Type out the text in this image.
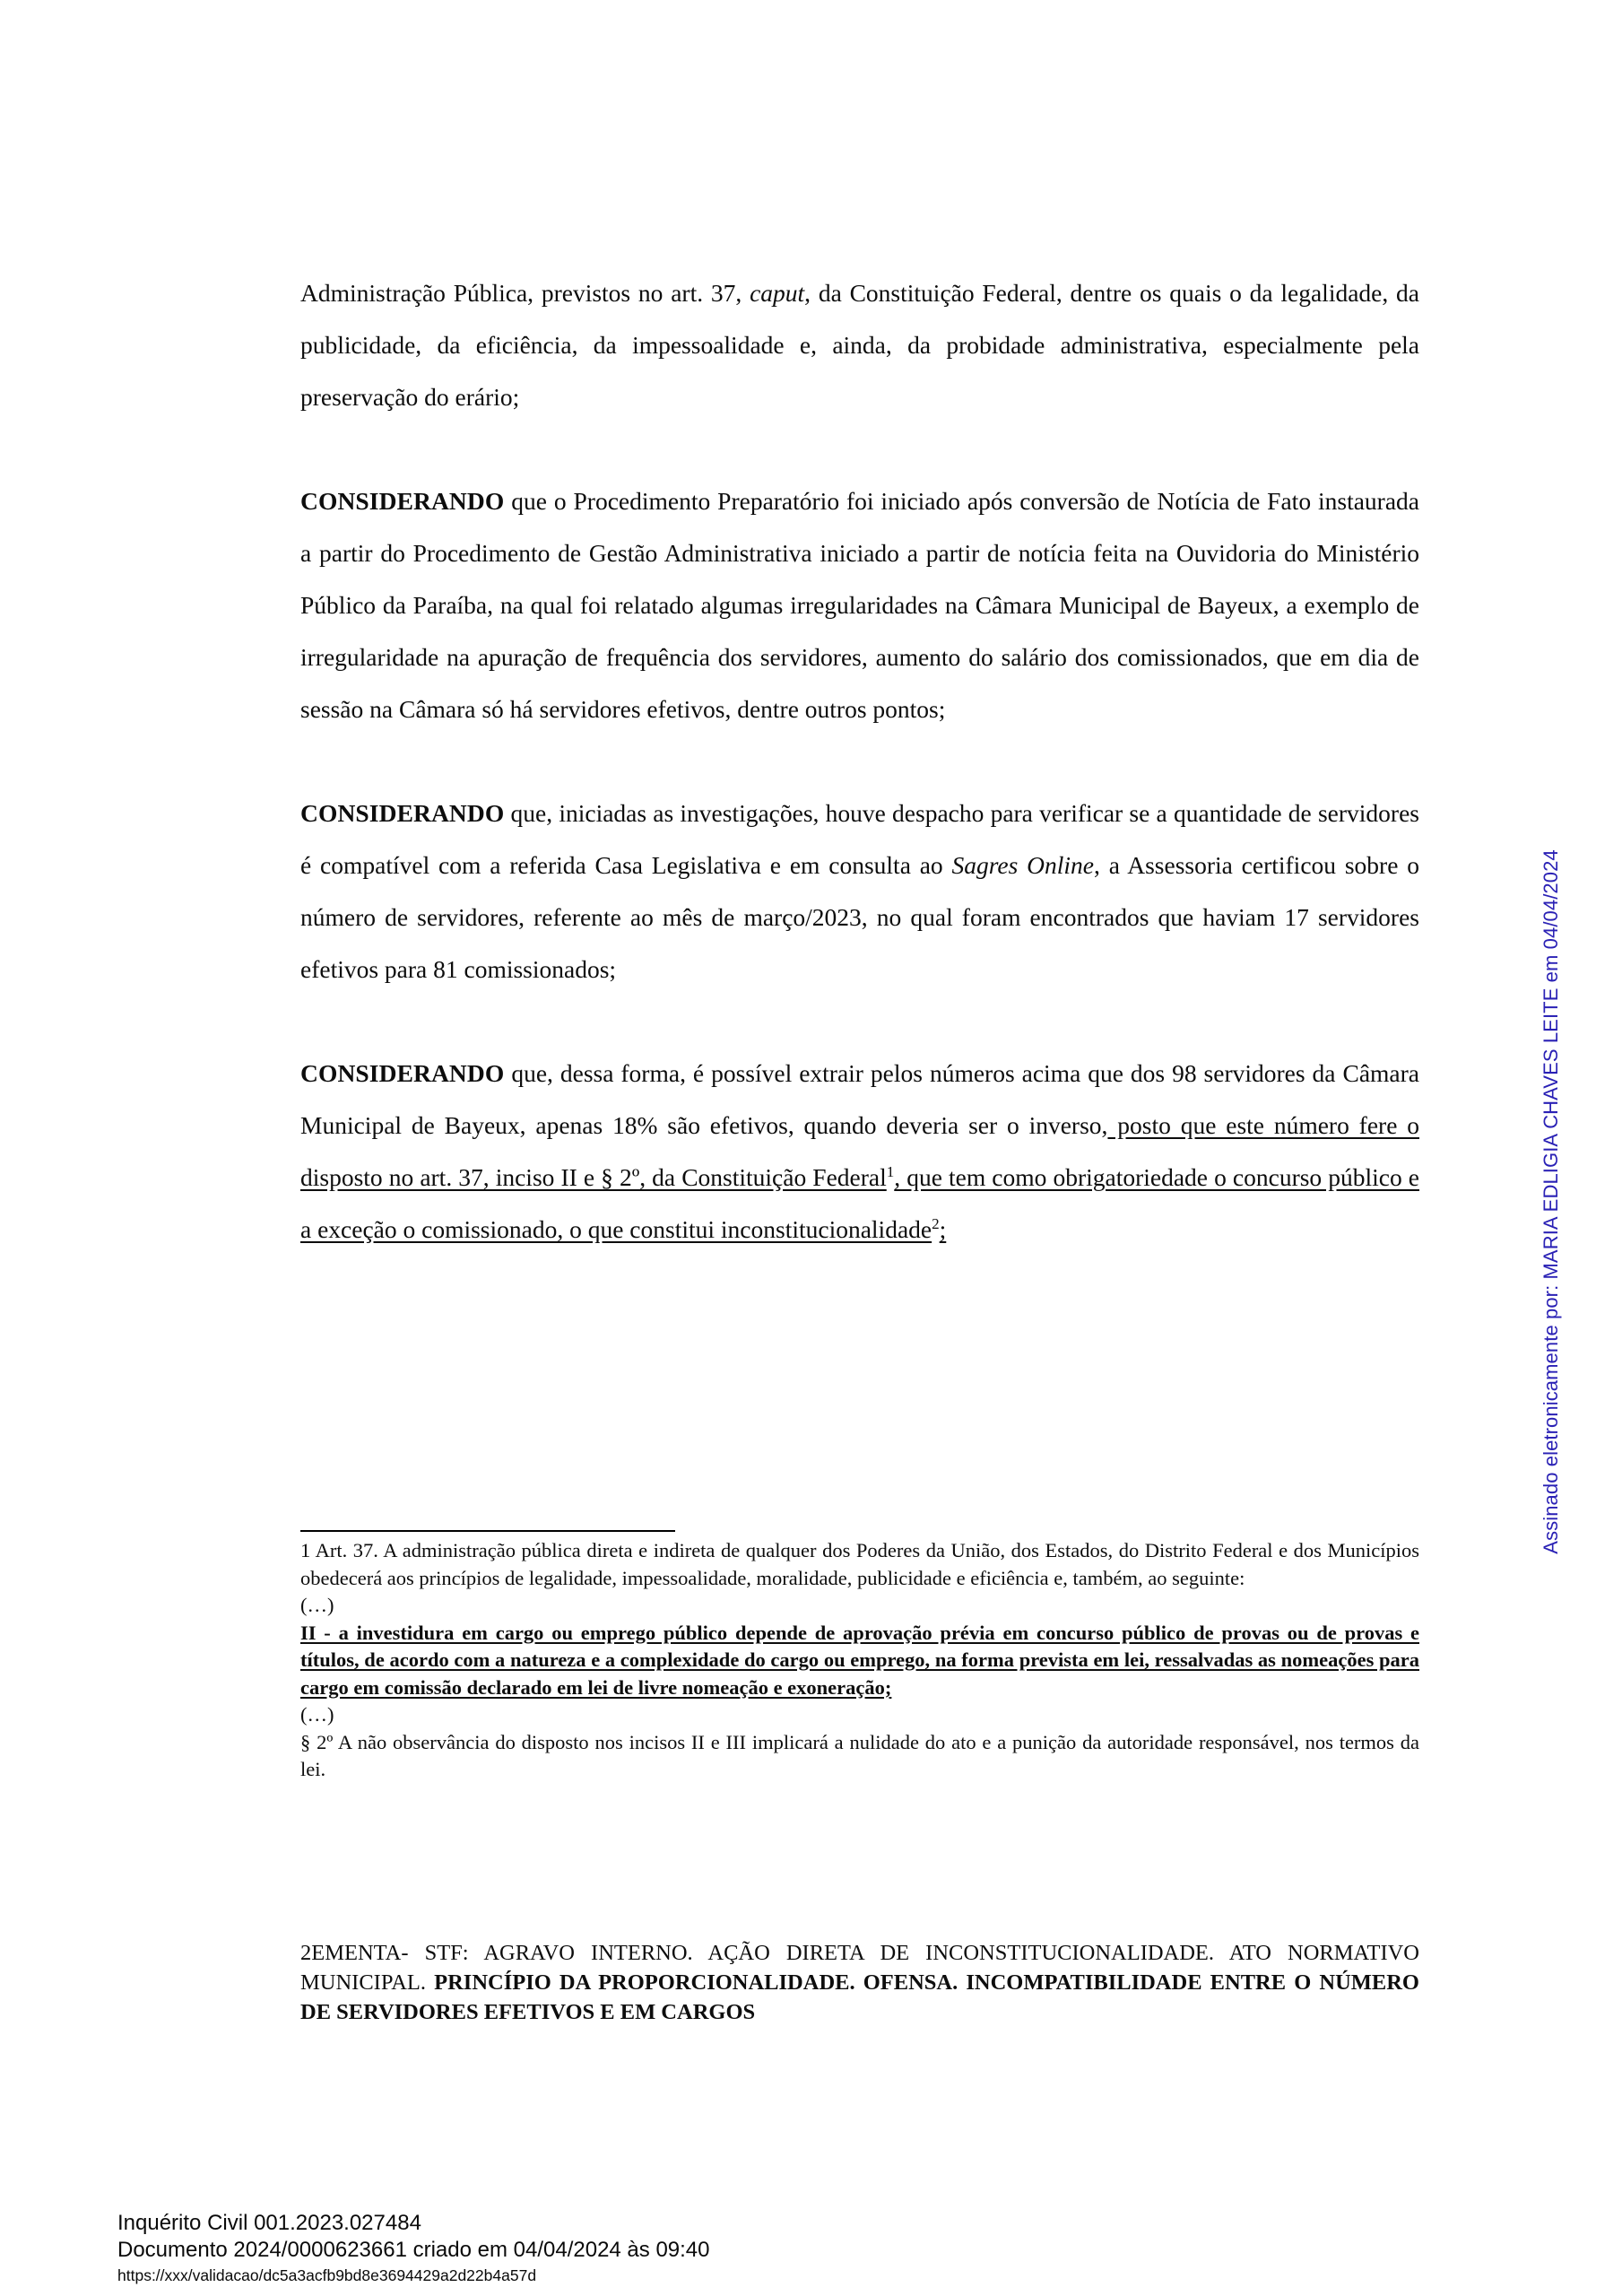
Administração Pública, previstos no art. 37, caput, da Constituição Federal, dentre os quais o da legalidade, da publicidade, da eficiência, da impessoalidade e, ainda, da probidade administrativa, especialmente pela preservação do erário;

CONSIDERANDO que o Procedimento Preparatório foi iniciado após conversão de Notícia de Fato instaurada a partir do Procedimento de Gestão Administrativa iniciado a partir de notícia feita na Ouvidoria do Ministério Público da Paraíba, na qual foi relatado algumas irregularidades na Câmara Municipal de Bayeux, a exemplo de irregularidade na apuração de frequência dos servidores, aumento do salário dos comissionados, que em dia de sessão na Câmara só há servidores efetivos, dentre outros pontos;

CONSIDERANDO que, iniciadas as investigações, houve despacho para verificar se a quantidade de servidores é compatível com a referida Casa Legislativa e em consulta ao Sagres Online, a Assessoria certificou sobre o número de servidores, referente ao mês de março/2023, no qual foram encontrados que haviam 17 servidores efetivos para 81 comissionados;

CONSIDERANDO que, dessa forma, é possível extrair pelos números acima que dos 98 servidores da Câmara Municipal de Bayeux, apenas 18% são efetivos, quando deveria ser o inverso, posto que este número fere o disposto no art. 37, inciso II e § 2º, da Constituição Federal$^1$, que tem como obrigatoriedade o concurso público e a exceção o comissionado, o que constitui inconstitucionalidade$^2$;

1 Art. 37. A administração pública direta e indireta de qualquer dos Poderes da União, dos Estados, do Distrito Federal e dos Municípios obedecerá aos princípios de legalidade, impessoalidade, moralidade, publicidade e eficiência e, também, ao seguinte:

(…)

II - a investidura em cargo ou emprego público depende de aprovação prévia em concurso público de provas ou de provas e títulos, de acordo com a natureza e a complexidade do cargo ou emprego, na forma prevista em lei, ressalvadas as nomeações para cargo em comissão declarado em lei de livre nomeação e exoneração;

(…)

§ 2º A não observância do disposto nos incisos II e III implicará a nulidade do ato e a punição da autoridade responsável, nos termos da lei.

2EMENTA- STF: AGRAVO INTERNO. AÇÃO DIRETA DE INCONSTITUCIONALIDADE. ATO NORMATIVO MUNICIPAL. PRINCÍPIO DA PROPORCIONALIDADE. OFENSA. INCOMPATIBILIDADE ENTRE O NÚMERO DE SERVIDORES EFETIVOS E EM CARGOS

Assinado eletronicamente por: MARIA EDLIGIA CHAVES LEITE em 04/04/2024
Inquérito Civil 001.2023.027484
Documento 2024/0000623661 criado em 04/04/2024 às 09:40
https://xxx/validacao/dc5a3acfb9bd8e3694429a2d22b4a57d
